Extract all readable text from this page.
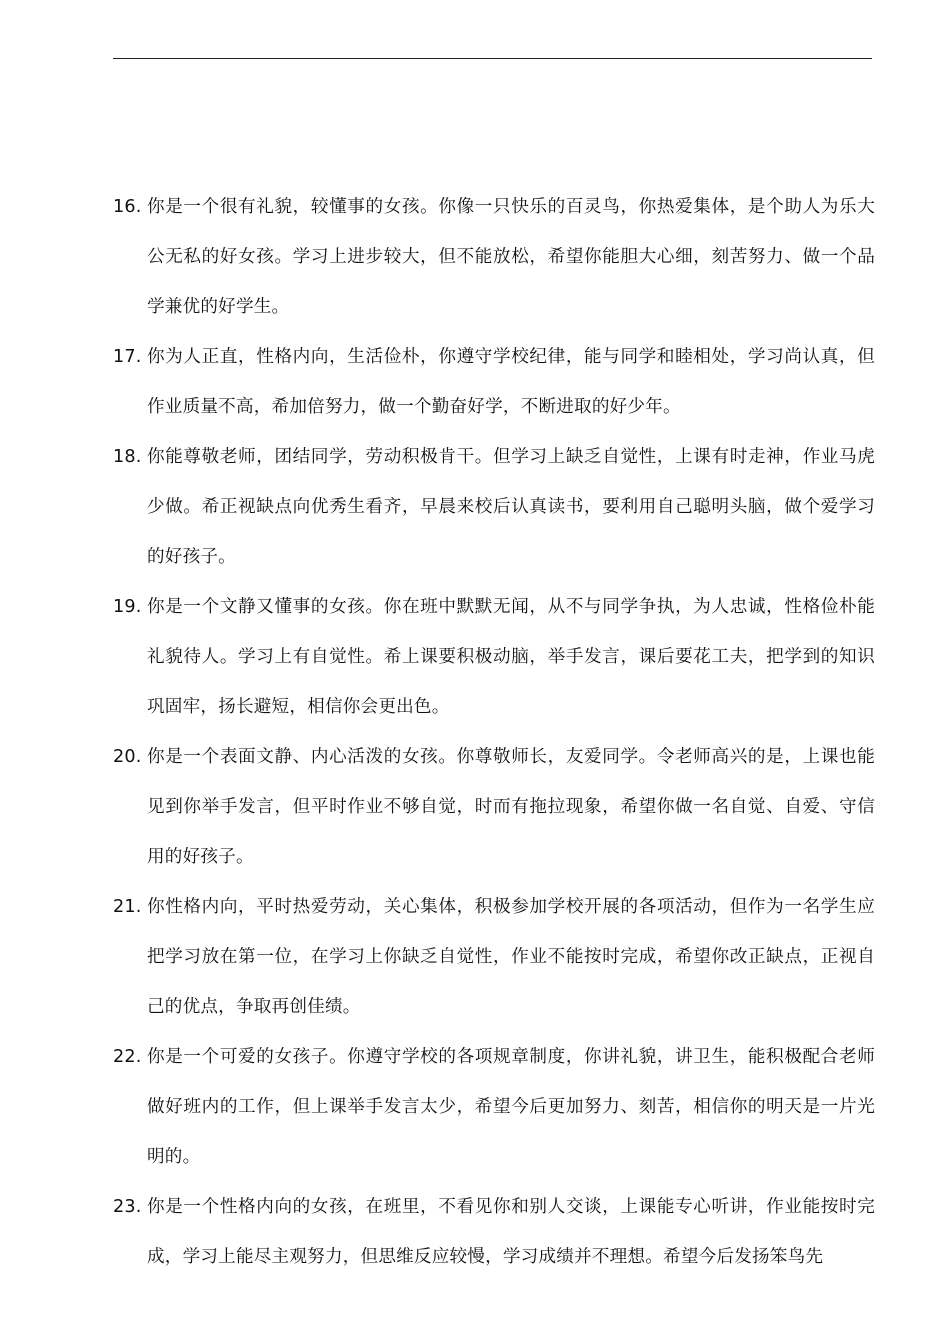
16. 你是一个很有礼貌，较懂事的女孩。你像一只快乐的百灵鸟，你热爱集体，是个助人为乐大公无私的好女孩。学习上进步较大，但不能放松，希望你能胆大心细，刻苦努力、做一个品学兼优的好学生。
17. 你为人正直，性格内向，生活俭朴，你遵守学校纪律，能与同学和睦相处，学习尚认真，但作业质量不高，希加倍努力，做一个勤奋好学，不断进取的好少年。
18. 你能尊敬老师，团结同学，劳动积极肯干。但学习上缺乏自觉性，上课有时走神，作业马虎少做。希正视缺点向优秀生看齐，早晨来校后认真读书，要利用自己聪明头脑，做个爱学习的好孩子。
19. 你是一个文静又懂事的女孩。你在班中默默无闻，从不与同学争执，为人忠诚，性格俭朴能礼貌待人。学习上有自觉性。希上课要积极动脑，举手发言，课后要花工夫，把学到的知识巩固牢，扬长避短，相信你会更出色。
20. 你是一个表面文静、内心活泼的女孩。你尊敬师长，友爱同学。令老师高兴的是，上课也能见到你举手发言，但平时作业不够自觉，时而有拖拉现象，希望你做一名自觉、自爱、守信用的好孩子。
21. 你性格内向，平时热爱劳动，关心集体，积极参加学校开展的各项活动，但作为一名学生应把学习放在第一位，在学习上你缺乏自觉性，作业不能按时完成，希望你改正缺点，正视自己的优点，争取再创佳绩。
22. 你是一个可爱的女孩子。你遵守学校的各项规章制度，你讲礼貌，讲卫生，能积极配合老师做好班内的工作，但上课举手发言太少，希望今后更加努力、刻苦，相信你的明天是一片光明的。
23. 你是一个性格内向的女孩，在班里，不看见你和别人交谈，上课能专心听讲，作业能按时完成，学习上能尽主观努力，但思维反应较慢，学习成绩并不理想。希望今后发扬笨鸟先
